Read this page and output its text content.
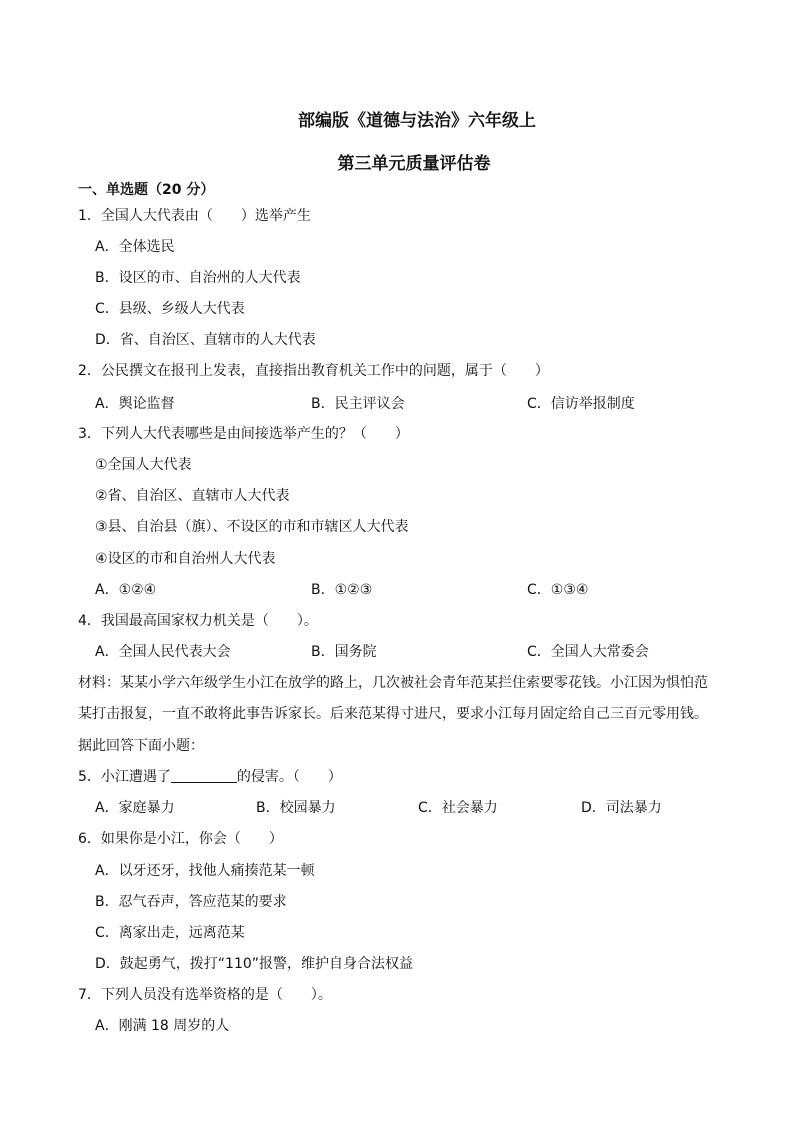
部编版《道德与法治》六年级上
第三单元质量评估卷
一、单选题（20 分）
1．全国人大代表由（　　）选举产生
A．全体选民
B．设区的市、自治州的人大代表
C．县级、乡级人大代表
D．省、自治区、直辖市的人大代表
2．公民撰文在报刊上发表，直接指出教育机关工作中的问题，属于（　　）
A．舆论监督	B．民主评议会	C．信访举报制度
3．下列人大代表哪些是由间接选举产生的？（　　）
①全国人大代表
②省、自治区、直辖市人大代表
③县、自治县（旗）、不设区的市和市辖区人大代表
④设区的市和自治州人大代表
A．①②④	B．①②③	C．①③④
4．我国最高国家权力机关是（　　）。
A．全国人民代表大会	B．国务院	C．全国人大常委会
材料：某某小学六年级学生小江在放学的路上，几次被社会青年范某拦住索要零花钱。小江因为惧怕范
某打击报复，一直不敢将此事告诉家长。后来范某得寸进尺，要求小江每月固定给自己三百元零用钱。
据此回答下面小题：
5．小江遭遇了	的侵害。（　　）
A．家庭暴力	B．校园暴力	C．社会暴力	D．司法暴力
6．如果你是小江，你会（　　）
A．以牙还牙，找他人痛揍范某一顿
B．忍气吞声，答应范某的要求
C．离家出走，远离范某
D．鼓起勇气，拨打“110”报警，维护自身合法权益
7．下列人员没有选举资格的是（　　）。
A．刚满 18 周岁的人
